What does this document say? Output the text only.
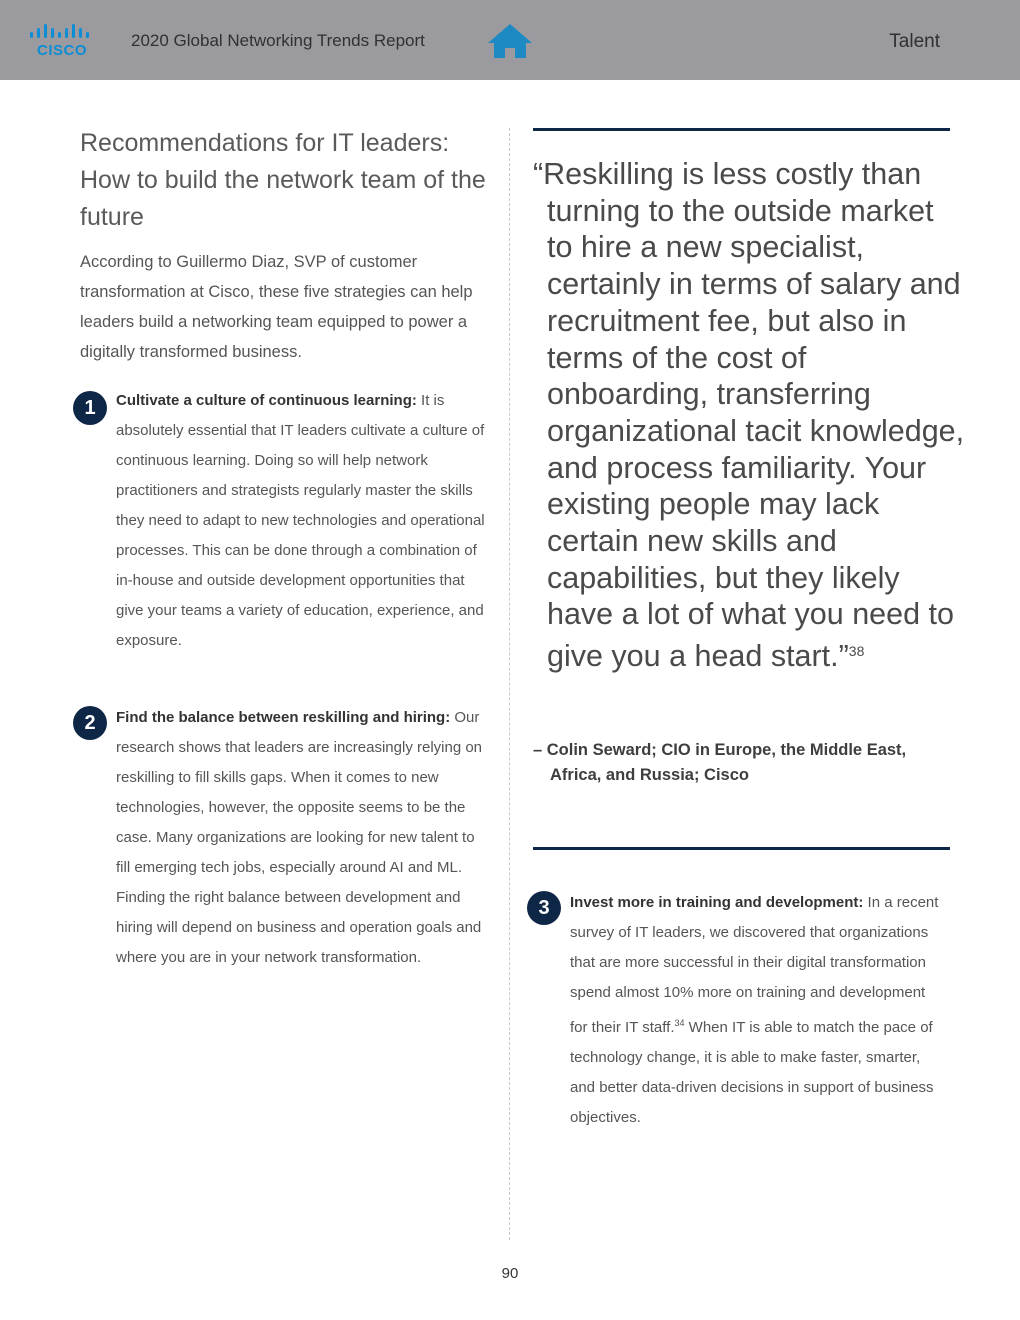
CISCO
2020 Global Networking Trends Report	Talent
Recommendations for IT leaders: How to build the network team of the future
According to Guillermo Diaz, SVP of customer transformation at Cisco, these five strategies can help leaders build a networking team equipped to power a digitally transformed business.
1	Cultivate a culture of continuous learning: It is absolutely essential that IT leaders cultivate a culture of continuous learning. Doing so will help network practitioners and strategists regularly master the skills they need to adapt to new technologies and operational processes. This can be done through a combination of in-house and outside development opportunities that give your teams a variety of education, experience, and exposure.
2	Find the balance between reskilling and hiring: Our research shows that leaders are increasingly relying on reskilling to fill skills gaps. When it comes to new technologies, however, the opposite seems to be the case. Many organizations are looking for new talent to fill emerging tech jobs, especially around AI and ML. Finding the right balance between development and hiring will depend on business and operation goals and where you are in your network transformation.
“Reskilling is less costly than turning to the outside market to hire a new specialist, certainly in terms of salary and recruitment fee, but also in terms of the cost of onboarding, transferring organizational tacit knowledge, and process familiarity. Your existing people may lack certain new skills and capabilities, but they likely have a lot of what you need to give you a head start.”$^{38}$
– Colin Seward; CIO in Europe, the Middle East, Africa, and Russia; Cisco
3	Invest more in training and development: In a recent survey of IT leaders, we discovered that organizations that are more successful in their digital transformation spend almost 10% more on training and development for their IT staff.$^{34}$ When IT is able to match the pace of technology change, it is able to make faster, smarter, and better data-driven decisions in support of business objectives.
90
